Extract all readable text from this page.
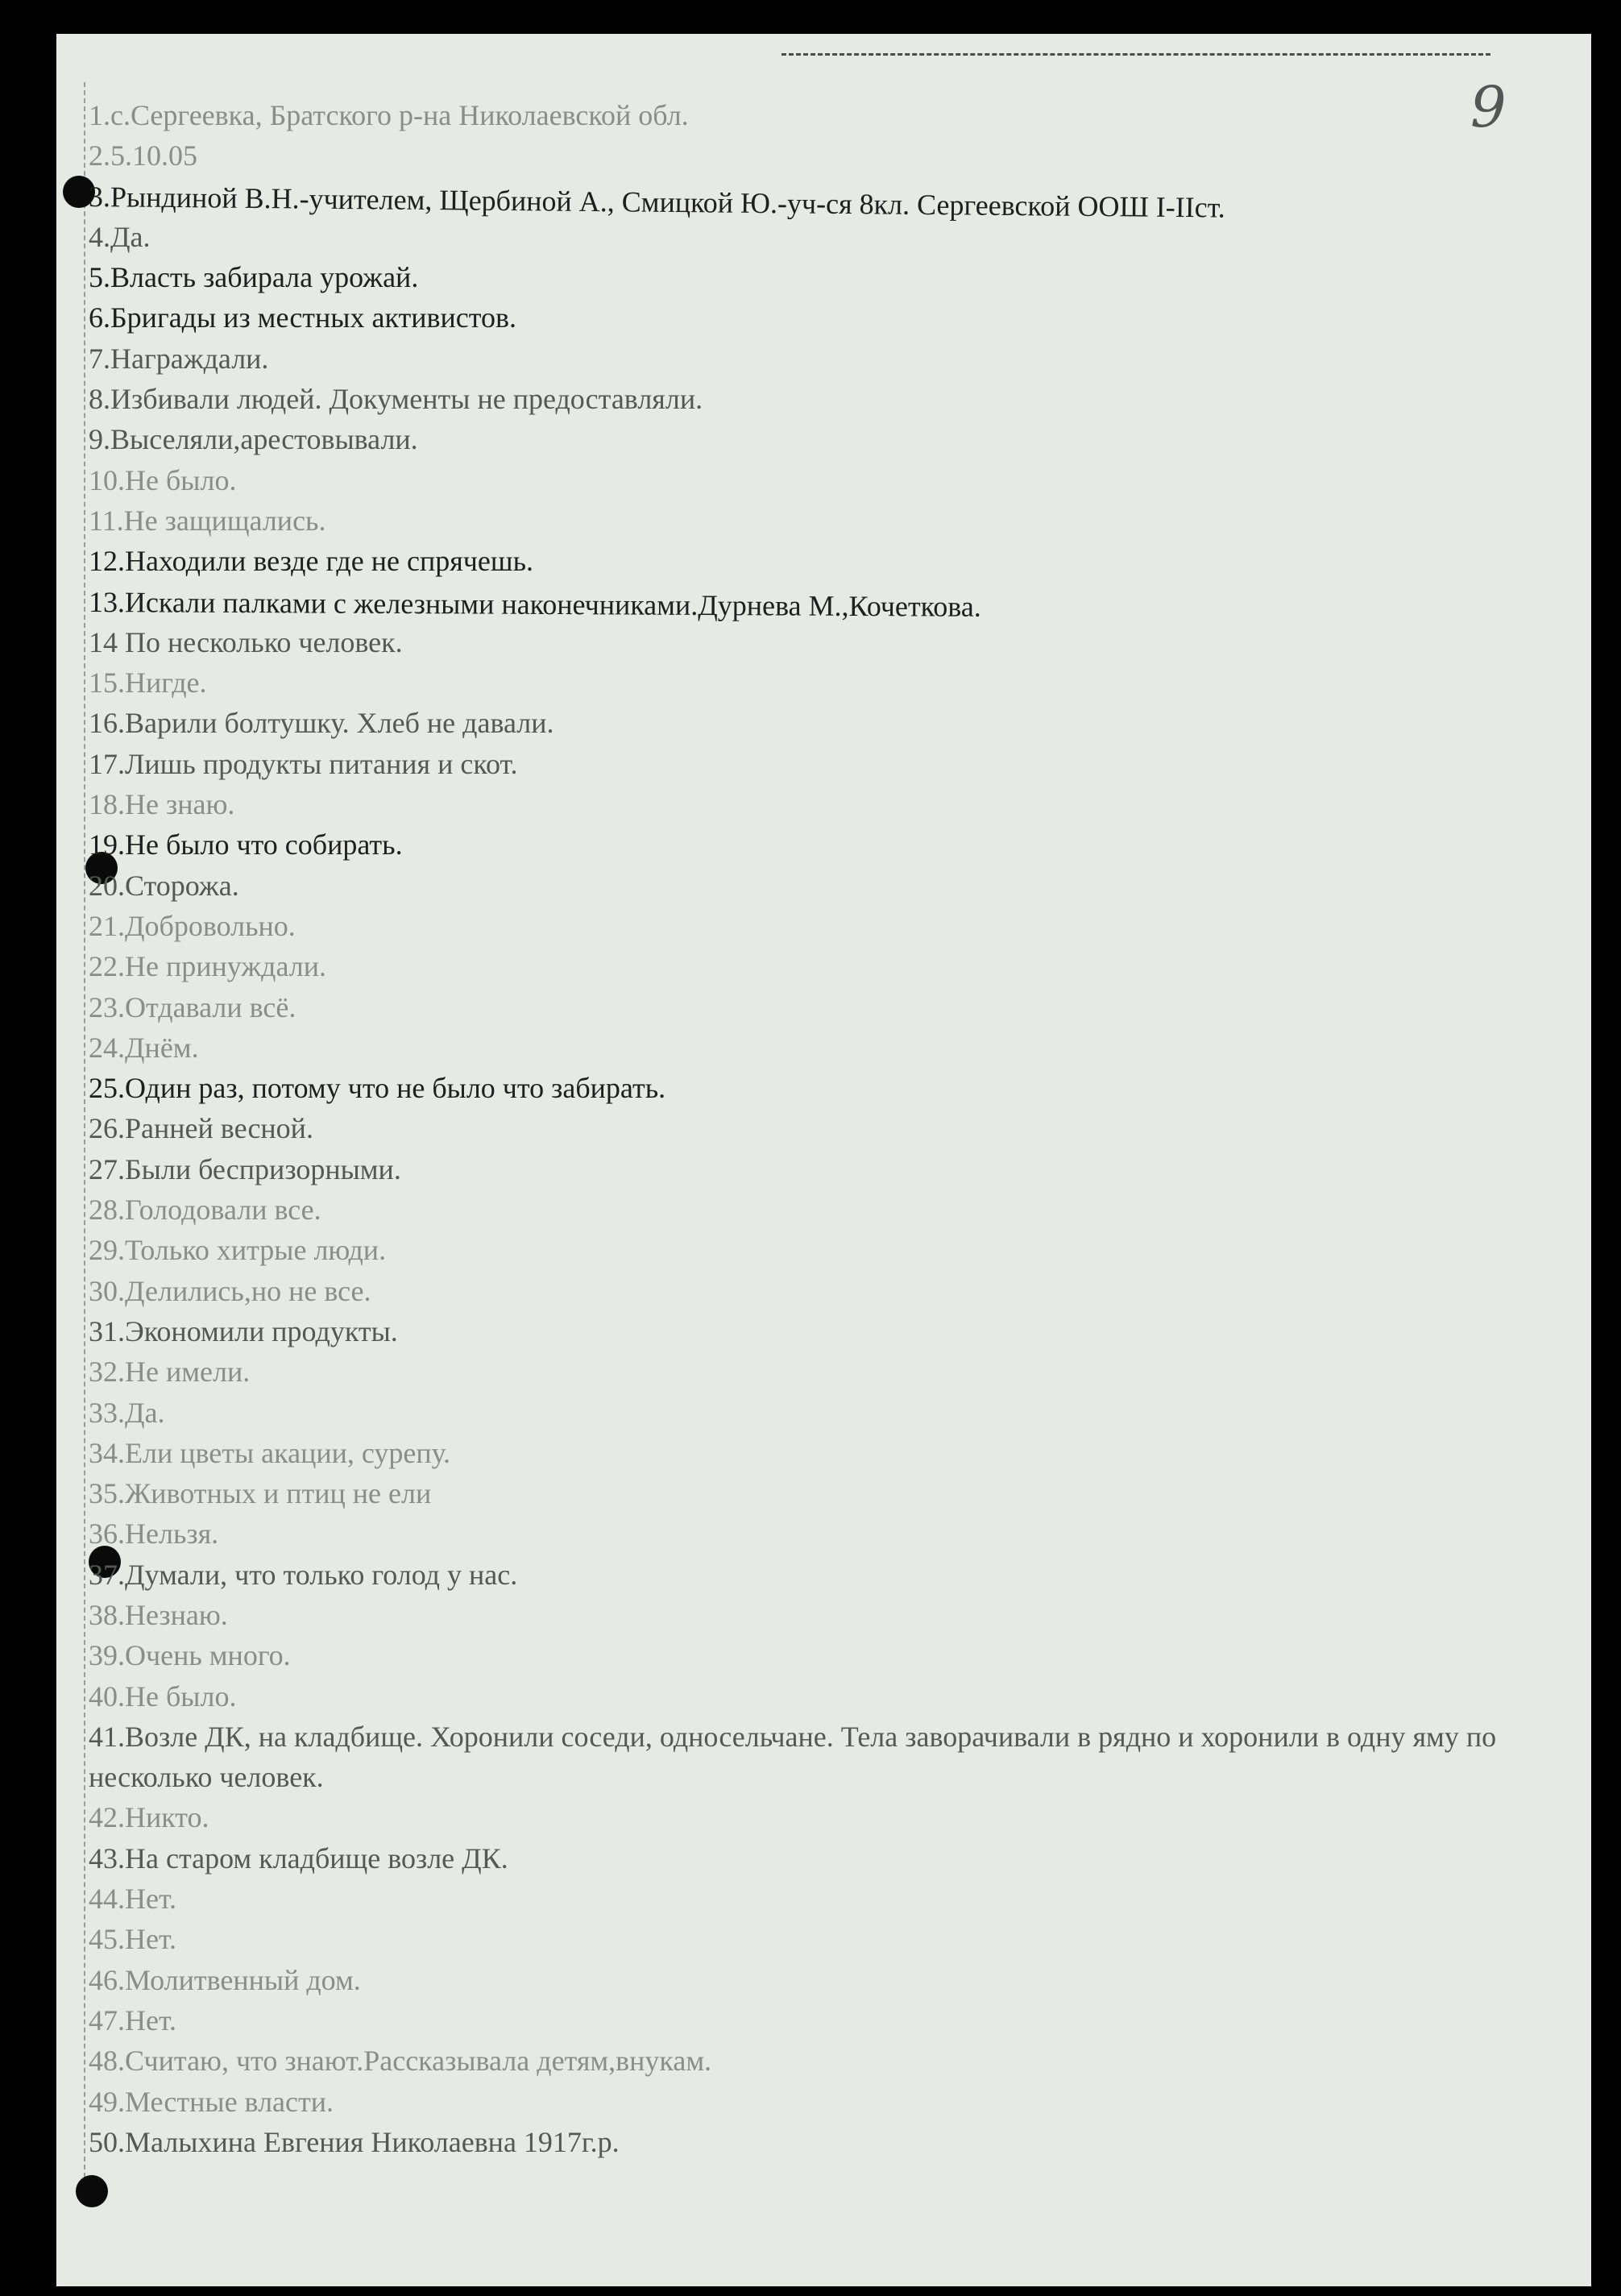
9
1.с.Сергеевка, Братского р-на Николаевской обл.
2.5.10.05
3.Рындиной В.Н.-учителем, Щербиной А., Смицкой Ю.-уч-ся 8кл. Сергеевской ООШ І-ІІст.
4.Да.
5.Власть забирала урожай.
6.Бригады из местных активистов.
7.Награждали.
8.Избивали людей. Документы не предоставляли.
9.Выселяли,арестовывали.
10.Не было.
11.Не защищались.
12.Находили везде где не спрячешь.
13.Искали палками с железными наконечниками.Дурнева М.,Кочеткова.
14 По несколько человек.
15.Нигде.
16.Варили болтушку. Хлеб не давали.
17.Лишь продукты питания и скот.
18.Не знаю.
19.Не было что собирать.
20.Сторожа.
21.Добровольно.
22.Не принуждали.
23.Отдавали всё.
24.Днём.
25.Один раз, потому что не было что забирать.
26.Ранней весной.
27.Были беспризорными.
28.Голодовали все.
29.Только хитрые люди.
30.Делились,но не все.
31.Экономили продукты.
32.Не имели.
33.Да.
34.Ели цветы акации, сурепу.
35.Животных и птиц не ели
36.Нельзя.
37.Думали, что только голод у нас.
38.Незнаю.
39.Очень много.
40.Не было.
41.Возле ДК, на кладбище. Хоронили соседи, односельчане. Тела заворачивали в рядно и хоронили в одну яму по несколько человек.
42.Никто.
43.На старом кладбище возле ДК.
44.Нет.
45.Нет.
46.Молитвенный дом.
47.Нет.
48.Считаю, что знают.Рассказывала детям,внукам.
49.Местные власти.
50.Малыхина Евгения Николаевна 1917г.р.
